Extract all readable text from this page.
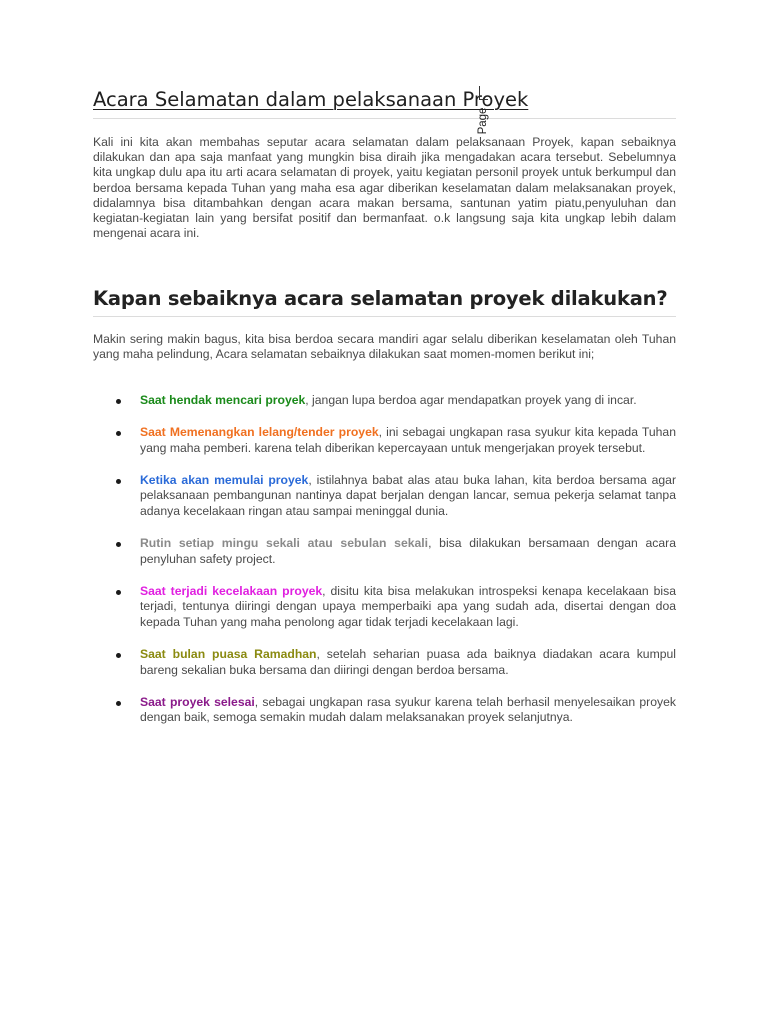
Acara Selamatan dalam pelaksanaan Proyek
Page
Kali ini kita akan membahas seputar acara selamatan dalam pelaksanaan Proyek, kapan sebaiknya dilakukan dan apa saja manfaat yang mungkin bisa diraih jika mengadakan acara tersebut. Sebelumnya kita ungkap dulu apa itu arti acara selamatan di proyek, yaitu kegiatan personil proyek untuk berkumpul dan berdoa bersama kepada Tuhan yang maha esa agar diberikan keselamatan dalam melaksanakan proyek, didalamnya bisa ditambahkan dengan acara makan bersama, santunan yatim piatu,penyuluhan dan kegiatan-kegiatan lain yang bersifat positif dan bermanfaat. o.k langsung saja kita ungkap lebih dalam mengenai acara ini.
Kapan sebaiknya acara selamatan proyek dilakukan?
Makin sering makin bagus, kita bisa berdoa secara mandiri agar selalu diberikan keselamatan oleh Tuhan yang maha pelindung, Acara selamatan sebaiknya dilakukan saat momen-momen berikut ini;
Saat hendak mencari proyek, jangan lupa berdoa agar mendapatkan proyek yang di incar.
Saat Memenangkan lelang/tender proyek, ini sebagai ungkapan rasa syukur kita kepada Tuhan yang maha pemberi. karena telah diberikan kepercayaan untuk mengerjakan proyek tersebut.
Ketika akan memulai proyek, istilahnya babat alas atau buka lahan, kita berdoa bersama agar pelaksanaan pembangunan nantinya dapat berjalan dengan lancar, semua pekerja selamat tanpa adanya kecelakaan ringan atau sampai meninggal dunia.
Rutin setiap mingu sekali atau sebulan sekali, bisa dilakukan bersamaan dengan acara penyluhan safety project.
Saat terjadi kecelakaan proyek, disitu kita bisa melakukan introspeksi kenapa kecelakaan bisa terjadi, tentunya diiringi dengan upaya memperbaiki apa yang sudah ada, disertai dengan doa kepada Tuhan yang maha penolong agar tidak terjadi kecelakaan lagi.
Saat bulan puasa Ramadhan, setelah seharian puasa ada baiknya diadakan acara kumpul bareng sekalian buka bersama dan diiringi dengan berdoa bersama.
Saat proyek selesai, sebagai ungkapan rasa syukur karena telah berhasil menyelesaikan proyek dengan baik, semoga semakin mudah dalam melaksanakan proyek selanjutnya.
